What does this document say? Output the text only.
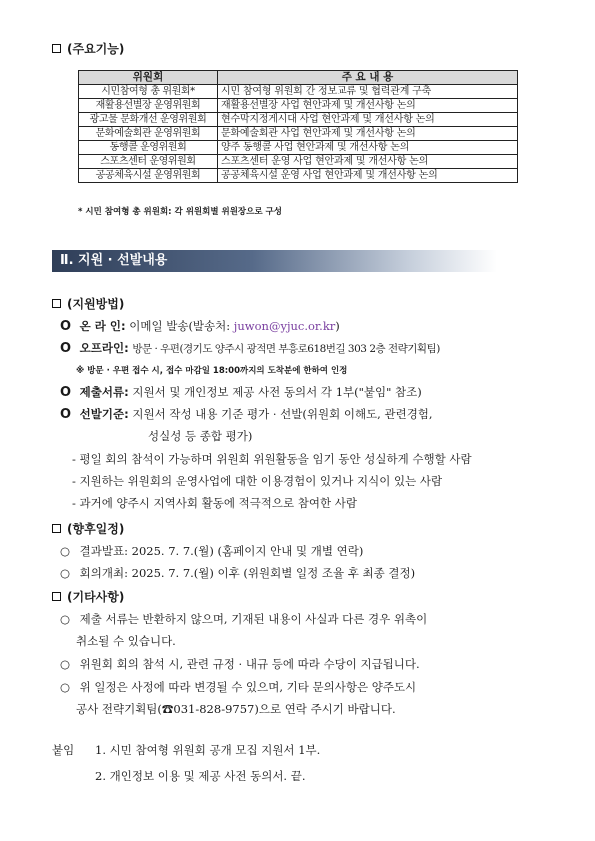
(주요기능)
위원회	주 요 내 용
시민참여형 총 위원회*	시민 참여형 위원회 간 정보교류 및 협력관계 구축
재활용선별장 운영위원회	재활용선별장 사업 현안과제 및 개선사항 논의
광고물 문화개선 운영위원회	현수막지정게시대 사업 현안과제 및 개선사항 논의
문화예술회관 운영위원회	문화예술회관 사업 현안과제 및 개선사항 논의
동행콜 운영위원회	양주 동행콜 사업 현안과제 및 개선사항 논의
스포츠센터 운영위원회	스포츠센터 운영 사업 현안과제 및 개선사항 논의
공공체육시설 운영위원회	공공체육시설 운영 사업 현안과제 및 개선사항 논의
* 시민 참여형 총 위원회: 각 위원회별 위원장으로 구성
Ⅱ. 지원 · 선발내용
(지원방법)
O 온 라 인: 이메일 발송(발송처: juwon@yjuc.or.kr)
O 오프라인: 방문 · 우편(경기도 양주시 광적면 부흥로618번길 303 2층 전략기획팀)
※ 방문 · 우편 접수 시, 접수 마감일 18:00까지의 도착분에 한하여 인정
O 제출서류: 지원서 및 개인정보 제공 사전 동의서 각 1부("붙임" 참조)
O 선발기준: 지원서 작성 내용 기준 평가 · 선발(위원회 이해도, 관련경험,
성실성 등 종합 평가)
- 평일 회의 참석이 가능하며 위원회 위원활동을 임기 동안 성실하게 수행할 사람
- 지원하는 위원회의 운영사업에 대한 이용경험이 있거나 지식이 있는 사람
- 과거에 양주시 지역사회 활동에 적극적으로 참여한 사람
(향후일정)
○ 결과발표: 2025. 7. 7.(월) (홈페이지 안내 및 개별 연락)
○ 회의개최: 2025. 7. 7.(월) 이후 (위원회별 일정 조율 후 최종 결정)
(기타사항)
○ 제출 서류는 반환하지 않으며, 기재된 내용이 사실과 다른 경우 위촉이
취소될 수 있습니다.
○ 위원회 회의 참석 시, 관련 규정 · 내규 등에 따라 수당이 지급됩니다.
○ 위 일정은 사정에 따라 변경될 수 있으며, 기타 문의사항은 양주도시
공사 전략기획팀(☎031-828-9757)으로 연락 주시기 바랍니다.
붙임 1. 시민 참여형 위원회 공개 모집 지원서 1부.
2. 개인정보 이용 및 제공 사전 동의서. 끝.
